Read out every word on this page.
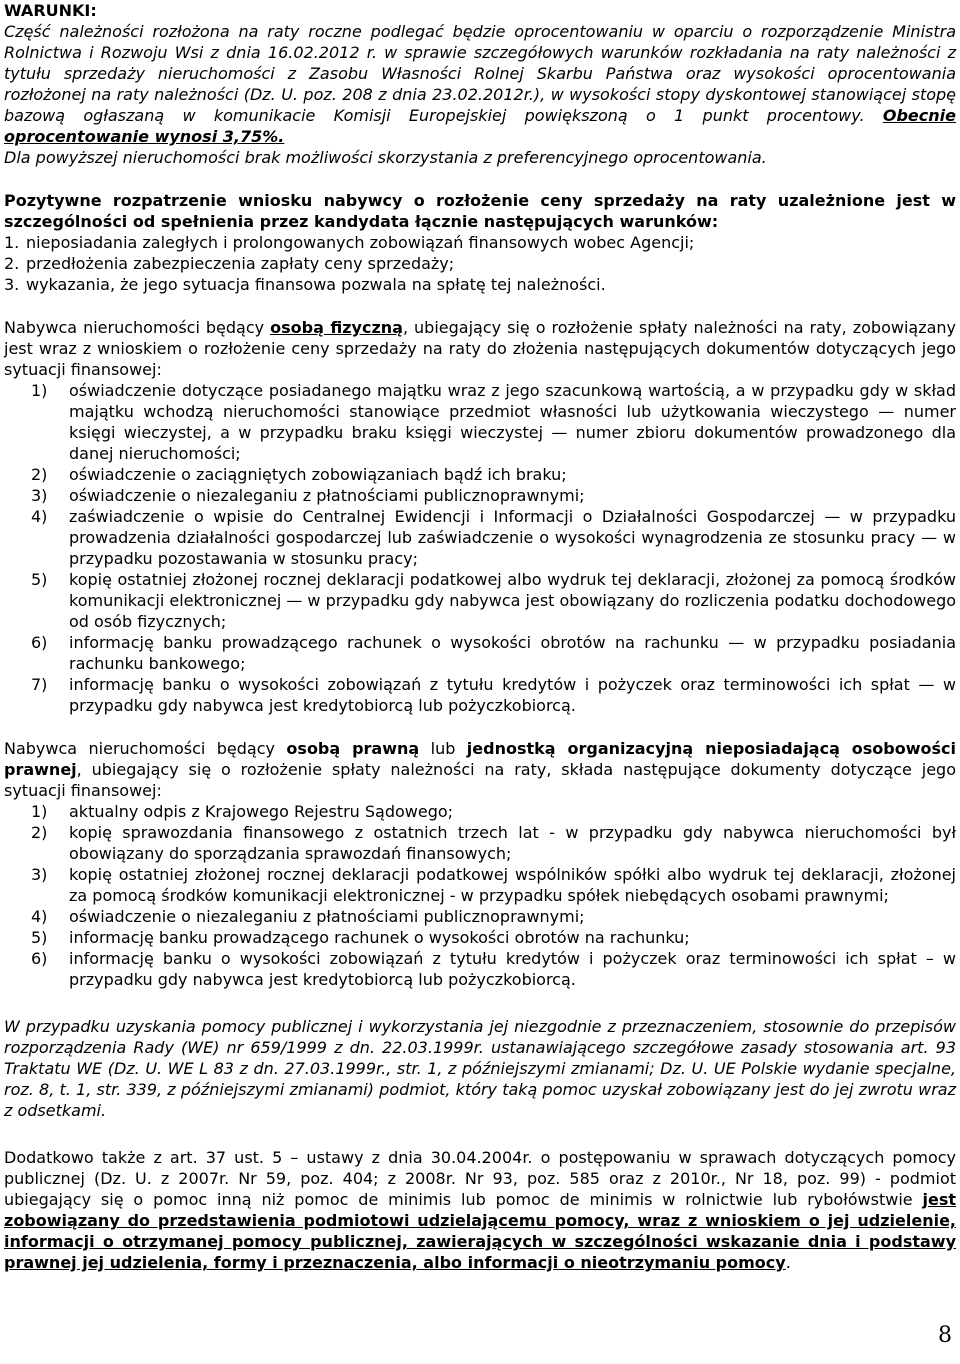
WARUNKI:

Część należności rozłożona na raty roczne podlegać będzie oprocentowaniu w oparciu o rozporządzenie Ministra Rolnictwa i Rozwoju Wsi z dnia 16.02.2012 r. w sprawie szczegółowych warunków rozkładania na raty należności z tytułu sprzedaży nieruchomości z Zasobu Własności Rolnej Skarbu Państwa oraz wysokości oprocentowania rozłożonej na raty należności (Dz. U. poz. 208 z dnia 23.02.2012r.), w wysokości stopy dyskontowej stanowiącej stopę bazową ogłaszaną w komunikacie Komisji Europejskiej powiększoną o 1 punkt procentowy. Obecnie oprocentowanie wynosi 3,75%.

Dla powyższej nieruchomości brak możliwości skorzystania z preferencyjnego oprocentowania.

Pozytywne rozpatrzenie wniosku nabywcy o rozłożenie ceny sprzedaży na raty uzależnione jest w szczególności od spełnienia przez kandydata łącznie następujących warunków:

1. nieposiadania zaległych i prolongowanych zobowiązań finansowych wobec Agencji;
2. przedłożenia zabezpieczenia zapłaty ceny sprzedaży;
3. wykazania, że jego sytuacja finansowa pozwala na spłatę tej należności.

Nabywca nieruchomości będący osobą fizyczną, ubiegający się o rozłożenie spłaty należności na raty, zobowiązany jest wraz z wnioskiem o rozłożenie ceny sprzedaży na raty do złożenia następujących dokumentów dotyczących jego sytuacji finansowej:

1)	oświadczenie dotyczące posiadanego majątku wraz z jego szacunkową wartością, a w przypadku gdy w skład majątku wchodzą nieruchomości stanowiące przedmiot własności lub użytkowania wieczystego — numer księgi wieczystej, a w przypadku braku księgi wieczystej — numer zbioru dokumentów prowadzonego dla danej nieruchomości;
2)	oświadczenie o zaciągniętych zobowiązaniach bądź ich braku;
3)	oświadczenie o niezaleganiu z płatnościami publicznoprawnymi;
4)	zaświadczenie o wpisie do Centralnej Ewidencji i Informacji o Działalności Gospodarczej — w przypadku prowadzenia działalności gospodarczej lub zaświadczenie o wysokości wynagrodzenia ze stosunku pracy — w przypadku pozostawania w stosunku pracy;
5)	kopię ostatniej złożonej rocznej deklaracji podatkowej albo wydruk tej deklaracji, złożonej za pomocą środków komunikacji elektronicznej — w przypadku gdy nabywca jest obowiązany do rozliczenia podatku dochodowego od osób fizycznych;
6)	informację banku prowadzącego rachunek o wysokości obrotów na rachunku — w przypadku posiadania rachunku bankowego;
7)	informację banku o wysokości zobowiązań z tytułu kredytów i pożyczek oraz terminowości ich spłat — w przypadku gdy nabywca jest kredytobiorcą lub pożyczkobiorcą.

Nabywca nieruchomości będący osobą prawną lub jednostką organizacyjną nieposiadającą osobowości prawnej, ubiegający się o rozłożenie spłaty należności na raty, składa następujące dokumenty dotyczące jego sytuacji finansowej:

1)	aktualny odpis z Krajowego Rejestru Sądowego;
2)	kopię sprawozdania finansowego z ostatnich trzech lat - w przypadku gdy nabywca nieruchomości był obowiązany do sporządzania sprawozdań finansowych;
3)	kopię ostatniej złożonej rocznej deklaracji podatkowej wspólników spółki albo wydruk tej deklaracji, złożonej za pomocą środków komunikacji elektronicznej - w przypadku spółek niebędących osobami prawnymi;
4)	oświadczenie o niezaleganiu z płatnościami publicznoprawnymi;
5)	informację banku prowadzącego rachunek o wysokości obrotów na rachunku;
6)	informację banku o wysokości zobowiązań z tytułu kredytów i pożyczek oraz terminowości ich spłat – w przypadku gdy nabywca jest kredytobiorcą lub pożyczkobiorcą.

W przypadku uzyskania pomocy publicznej i wykorzystania jej niezgodnie z przeznaczeniem, stosownie do przepisów rozporządzenia Rady (WE) nr 659/1999 z dn. 22.03.1999r. ustanawiającego szczegółowe zasady stosowania art. 93 Traktatu WE (Dz. U. WE L 83 z dn. 27.03.1999r., str. 1, z późniejszymi zmianami; Dz. U. UE Polskie wydanie specjalne, roz. 8, t. 1, str. 339, z późniejszymi zmianami) podmiot, który taką pomoc uzyskał zobowiązany jest do jej zwrotu wraz z odsetkami.

Dodatkowo także z art. 37 ust. 5 – ustawy z dnia 30.04.2004r. o postępowaniu w sprawach dotyczących pomocy publicznej (Dz. U. z 2007r. Nr 59, poz. 404; z 2008r. Nr 93, poz. 585 oraz z 2010r., Nr 18, poz. 99) - podmiot ubiegający się o pomoc inną niż pomoc de minimis lub pomoc de minimis w rolnictwie lub rybołówstwie jest zobowiązany do przedstawienia podmiotowi udzielającemu pomocy, wraz z wnioskiem o jej udzielenie, informacji o otrzymanej pomocy publicznej, zawierających w szczególności wskazanie dnia i podstawy prawnej jej udzielenia, formy i przeznaczenia, albo informacji o nieotrzymaniu pomocy.

8
